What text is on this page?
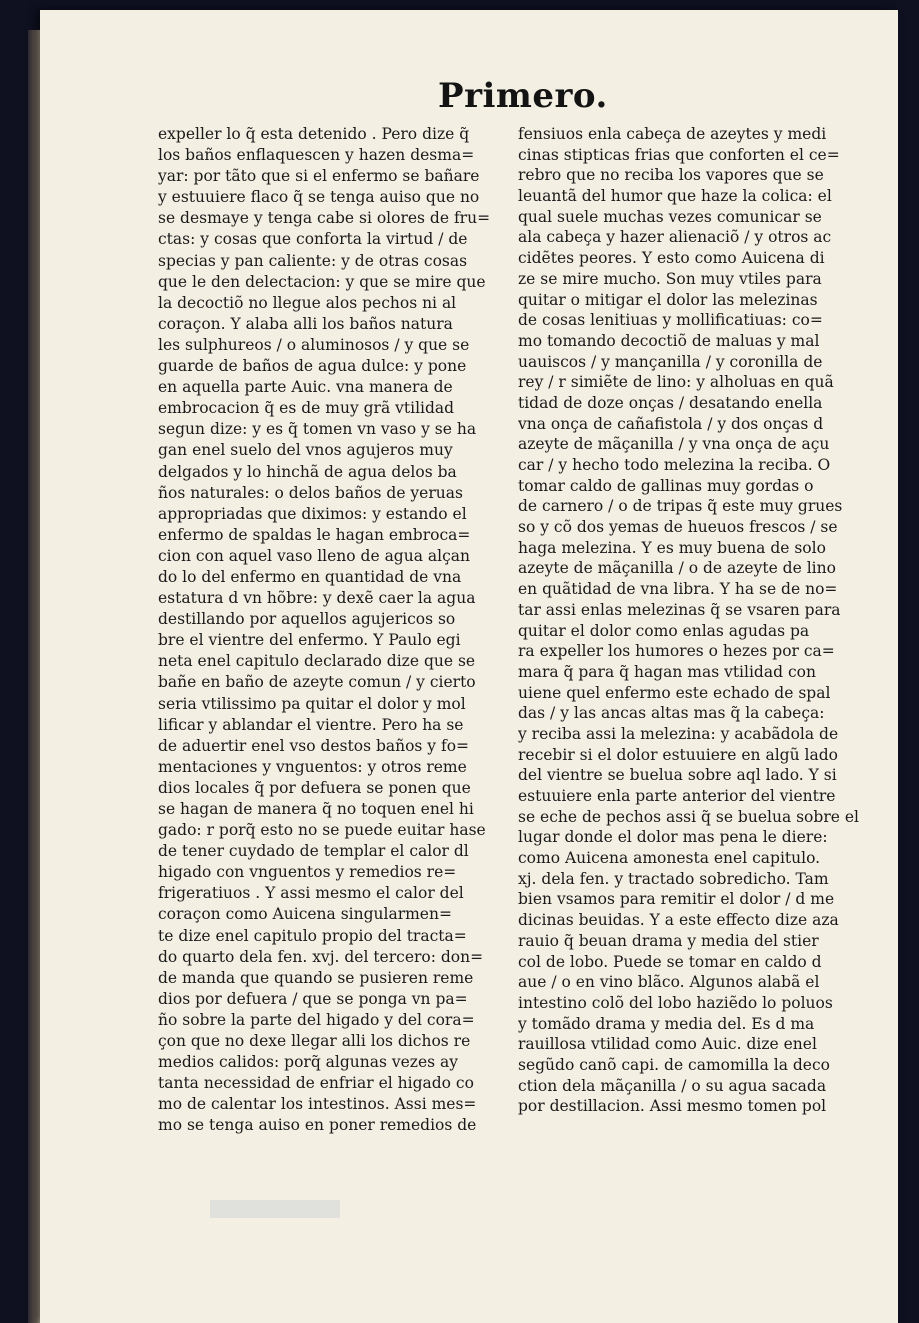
Primero.
expeller lo q̃ esta detenido . Pero dize q̃
los baños enflaquescen y hazen desma=
yar: por tãto que si el enfermo se bañare
y estuuiere flaco q̃ se tenga auiso que no
se desmaye y tenga cabe si olores de fru=
ctas: y cosas que conforta la virtud / de
specias y pan caliente: y de otras cosas
que le den delectacion: y que se mire que
la decoctiõ no llegue alos pechos ni al
coraçon. Y alaba alli los baños natura
les sulphureos / o aluminosos / y que se
guarde de baños de agua dulce: y pone
en aquella parte Auic. vna manera de
embrocacion q̃ es de muy grã vtilidad
segun dize: y es q̃ tomen vn vaso y se ha
gan enel suelo del vnos agujeros muy
delgados y lo hinchã de agua delos ba
ños naturales: o delos baños de yeruas
appropriadas que diximos: y estando el
enfermo de spaldas le hagan embroca=
cion con aquel vaso lleno de agua alçan
do lo del enfermo en quantidad de vna
estatura d vn hõbre: y dexẽ caer la agua
destillando por aquellos agujericos so
bre el vientre del enfermo. Y Paulo egi
neta enel capitulo declarado dize que se
bañe en baño de azeyte comun / y cierto
seria vtilissimo pa quitar el dolor y mol
lificar y ablandar el vientre. Pero ha se
de aduertir enel vso destos baños y fo=
mentaciones y vnguentos: y otros reme
dios locales q̃ por defuera se ponen que
se hagan de manera q̃ no toquen enel hi
gado: r porq̃ esto no se puede euitar hase
de tener cuydado de templar el calor dl
higado con vnguentos y remedios re=
frigeratiuos . Y assi mesmo el calor del
coraçon como Auicena singularmen=
te dize enel capitulo propio del tracta=
do quarto dela fen. xvj. del tercero: don=
de manda que quando se pusieren reme
dios por defuera / que se ponga vn pa=
ño sobre la parte del higado y del cora=
çon que no dexe llegar alli los dichos re
medios calidos: porq̃ algunas vezes ay
tanta necessidad de enfriar el higado co
mo de calentar los intestinos. Assi mes=
mo se tenga auiso en poner remedios de
fensiuos enla cabeça de azeytes y medi
cinas stipticas frias que conforten el ce=
rebro que no reciba los vapores que se
leuantã del humor que haze la colica: el
qual suele muchas vezes comunicar se
ala cabeça y hazer alienaciõ / y otros ac
cidẽtes peores. Y esto como Auicena di
ze se mire mucho. Son muy vtiles para
quitar o mitigar el dolor las melezinas
de cosas lenitiuas y mollificatiuas: co=
mo tomando decoctiõ de maluas y mal
uauiscos / y mançanilla / y coronilla de
rey / r simiẽte de lino: y alholuas en quã
tidad de doze onças / desatando enella
vna onça de cañafistola / y dos onças d
azeyte de mãçanilla / y vna onça de açu
car / y hecho todo melezina la reciba. O
tomar caldo de gallinas muy gordas o
de carnero / o de tripas q̃ este muy grues
so y cõ dos yemas de hueuos frescos / se
haga melezina. Y es muy buena de solo
azeyte de mãçanilla / o de azeyte de lino
en quãtidad de vna libra. Y ha se de no=
tar assi enlas melezinas q̃ se vsaren para
quitar el dolor como enlas agudas pa
ra expeller los humores o hezes por ca=
mara q̃ para q̃ hagan mas vtilidad con
uiene quel enfermo este echado de spal
das / y las ancas altas mas q̃ la cabeça:
y reciba assi la melezina: y acabãdola de
recebir si el dolor estuuiere en algũ lado
del vientre se buelua sobre aql lado. Y si
estuuiere enla parte anterior del vientre
se eche de pechos assi q̃ se buelua sobre el
lugar donde el dolor mas pena le diere:
como Auicena amonesta enel capitulo.
xj. dela fen. y tractado sobredicho. Tam
bien vsamos para remitir el dolor / d me
dicinas beuidas. Y a este effecto dize aza
rauio q̃ beuan drama y media del stier
col de lobo. Puede se tomar en caldo d
aue / o en vino blãco. Algunos alabã el
intestino colõ del lobo haziẽdo lo poluos
y tomãdo drama y media del. Es d ma
rauillosa vtilidad como Auic. dize enel
segũdo canõ capi. de camomilla la deco
ction dela mãçanilla / o su agua sacada
por destillacion. Assi mesmo tomen pol
